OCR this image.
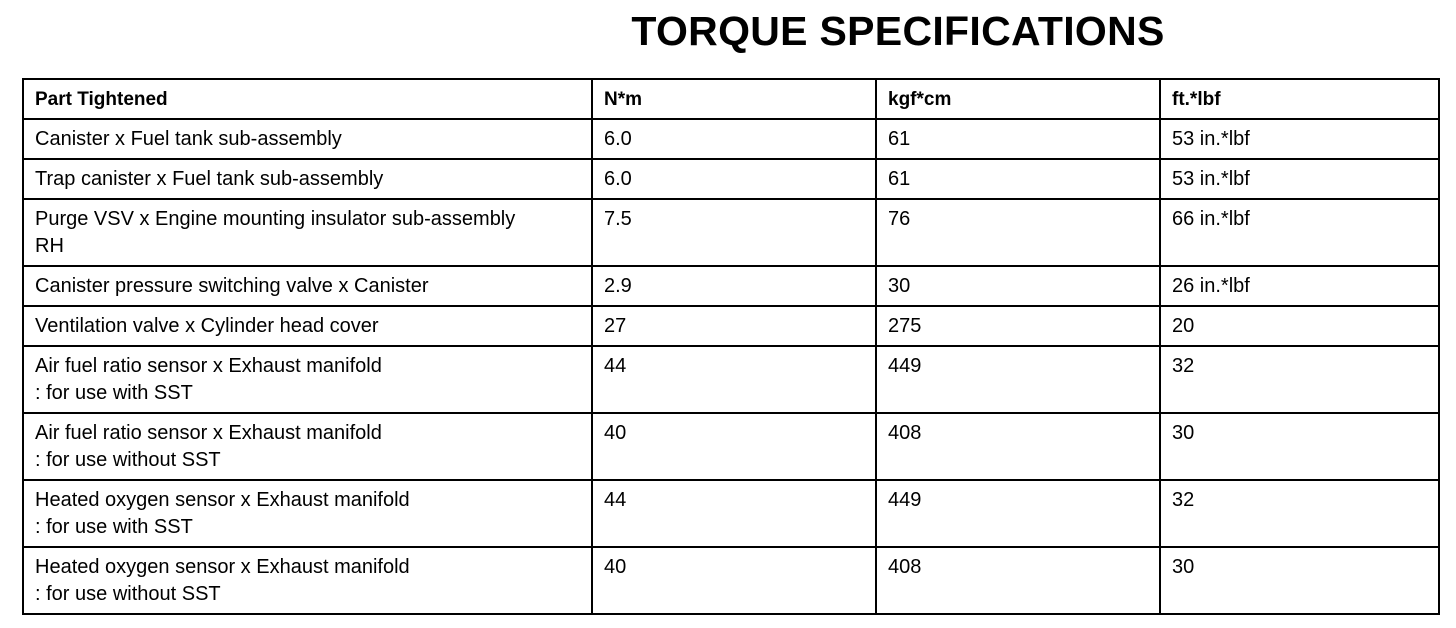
TORQUE SPECIFICATIONS
Part Tightened	N*m	kgf*cm	ft.*lbf
Canister x Fuel tank sub-assembly	6.0	61	53 in.*lbf
Trap canister x Fuel tank sub-assembly	6.0	61	53 in.*lbf
Purge VSV x Engine mounting insulator sub-assembly
RH	7.5	76	66 in.*lbf
Canister pressure switching valve x Canister	2.9	30	26 in.*lbf
Ventilation valve x Cylinder head cover	27	275	20
Air fuel ratio sensor x Exhaust manifold
: for use with SST	44	449	32
Air fuel ratio sensor x Exhaust manifold
: for use without SST	40	408	30
Heated oxygen sensor x Exhaust manifold
: for use with SST	44	449	32
Heated oxygen sensor x Exhaust manifold
: for use without SST	40	408	30
